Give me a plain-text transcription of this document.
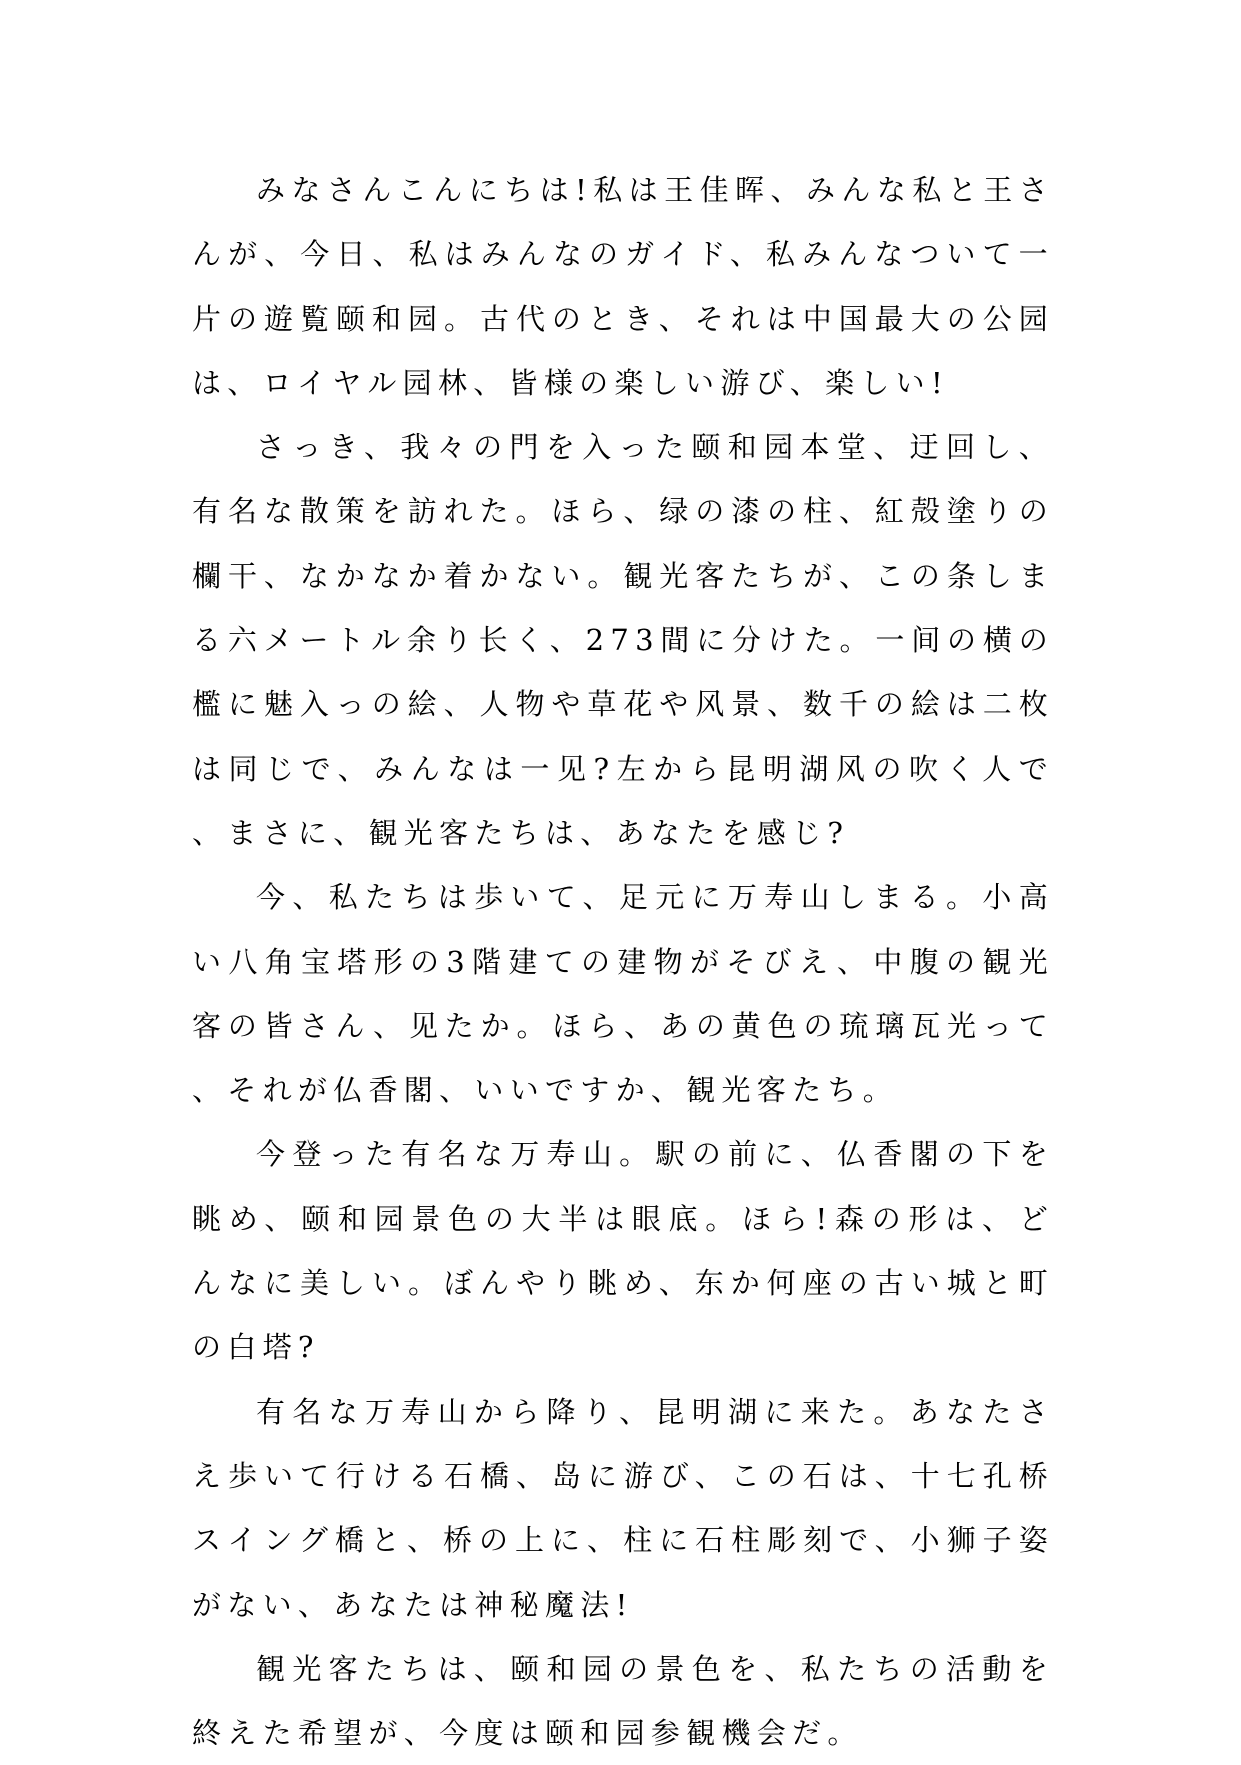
みなさんこんにちは!私は王佳晖、みんな私と王さんが、今日、私はみんなのガイド、私みんなついて一片の遊覧颐和园。古代のとき、それは中国最大の公园は、ロイヤル园林、皆様の楽しい游び、楽しい!

さっき、我々の門を入った颐和园本堂、迂回し、有名な散策を訪れた。ほら、绿の漆の柱、紅殻塗りの欄干、なかなか着かない。観光客たちが、この条しまる六メートル余り长く、273間に分けた。一间の横の檻に魅入っの絵、人物や草花や风景、数千の絵は二枚は同じで、みんなは一见?左から昆明湖风の吹く人で、まさに、観光客たちは、あなたを感じ?

今、私たちは歩いて、足元に万寿山しまる。小高い八角宝塔形の3階建ての建物がそびえ、中腹の観光客の皆さん、见たか。ほら、あの黄色の琉璃瓦光って、それが仏香閣、いいですか、観光客たち。

今登った有名な万寿山。駅の前に、仏香閣の下を眺め、颐和园景色の大半は眼底。ほら!森の形は、どんなに美しい。ぼんやり眺め、东か何座の古い城と町の白塔?

有名な万寿山から降り、昆明湖に来た。あなたさえ歩いて行ける石橋、岛に游び、この石は、十七孔桥スイング橋と、桥の上に、柱に石柱彫刻で、小狮子姿がない、あなたは神秘魔法!

観光客たちは、颐和园の景色を、私たちの活動を終えた希望が、今度は颐和园参観機会だ。
